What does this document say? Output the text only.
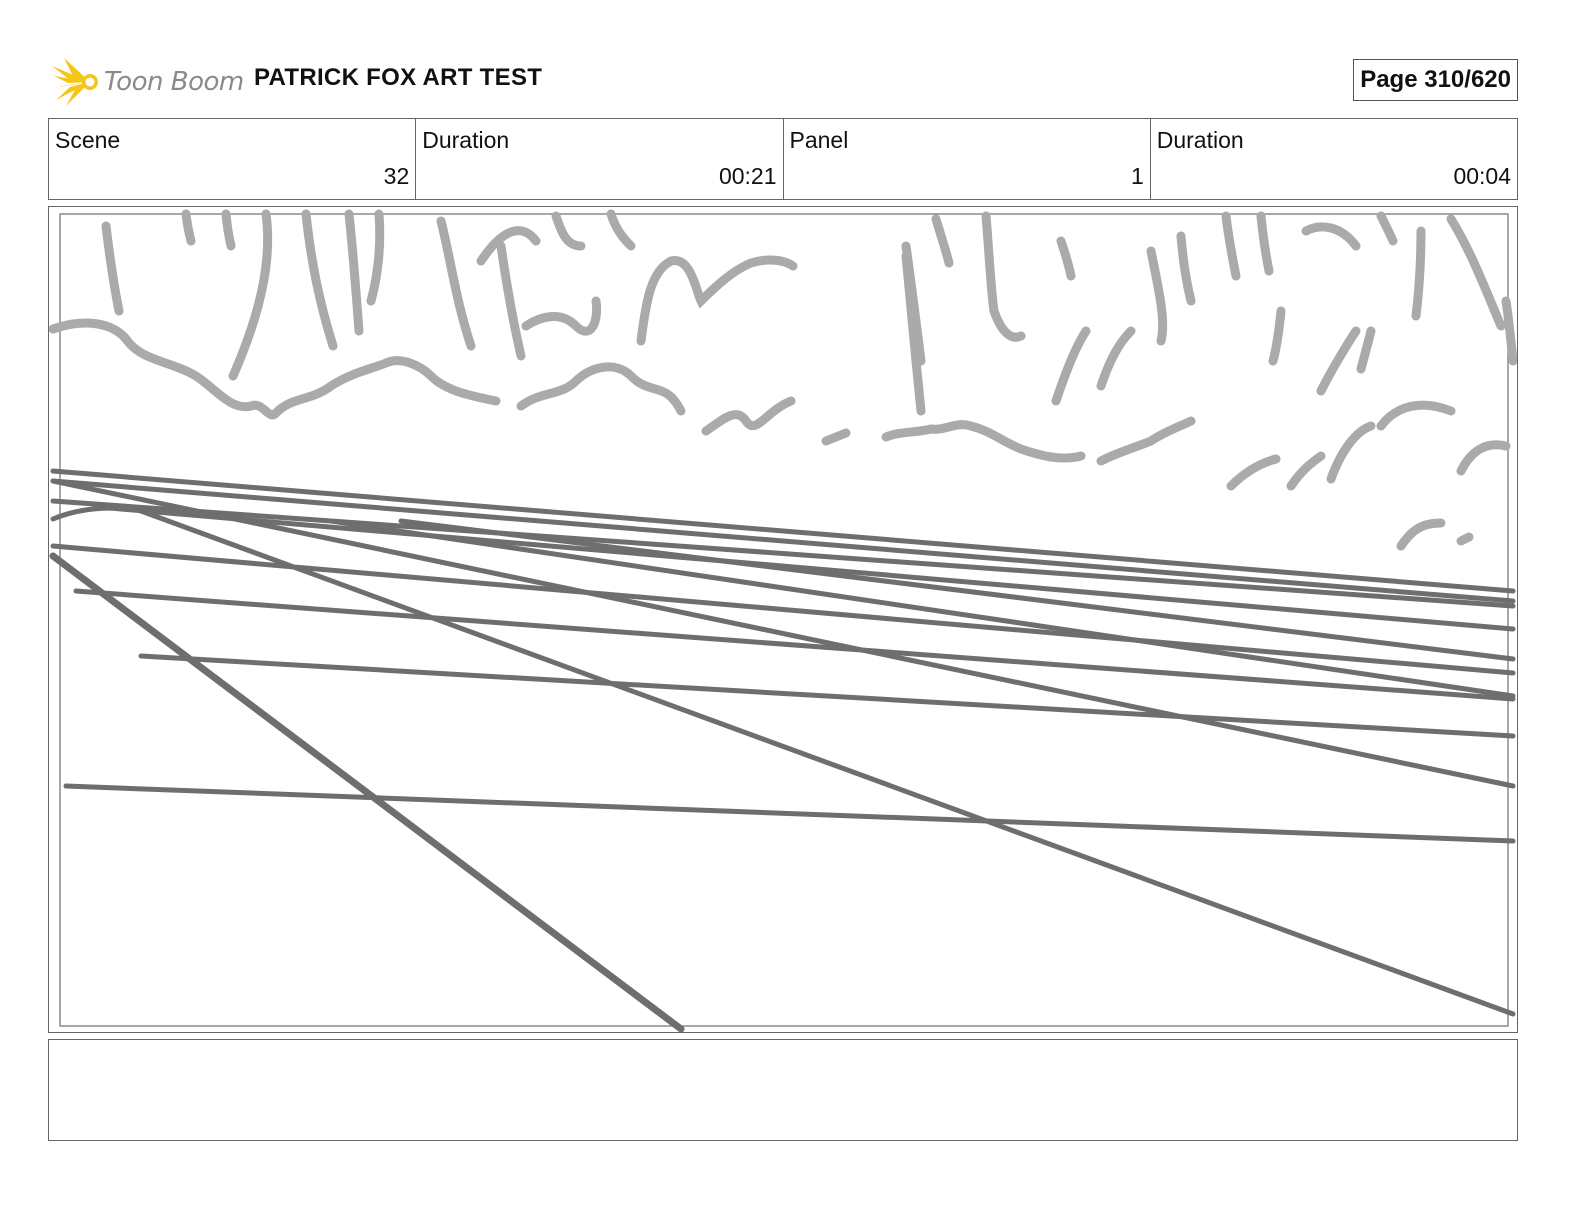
Toon Boom PATRICK FOX ART TEST	Page 310/620
Scene
32
Duration
00:21
Panel
1
Duration
00:04
